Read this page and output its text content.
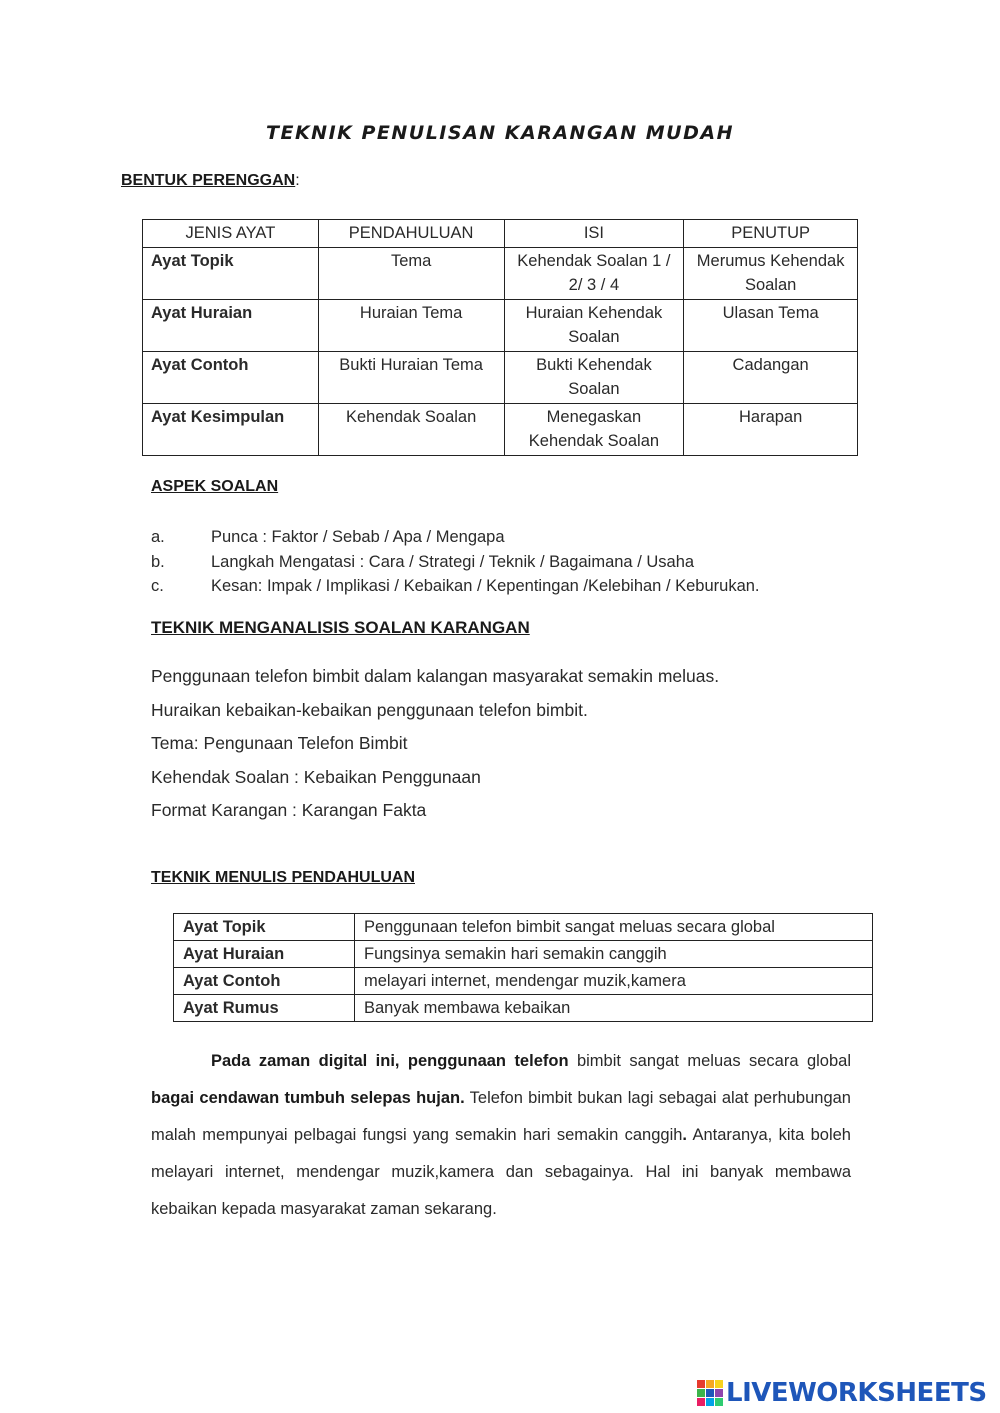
TEKNIK PENULISAN KARANGAN MUDAH
BENTUK PERENGGAN:
JENIS AYAT	PENDAHULUAN	ISI	PENUTUP
Ayat Topik	Tema	Kehendak Soalan 1 / 2/ 3 / 4	Merumus Kehendak Soalan
Ayat Huraian	Huraian Tema	Huraian Kehendak Soalan	Ulasan Tema
Ayat Contoh	Bukti Huraian Tema	Bukti Kehendak Soalan	Cadangan
Ayat Kesimpulan	Kehendak Soalan	Menegaskan Kehendak Soalan	Harapan
ASPEK SOALAN
a.	Punca : Faktor / Sebab / Apa / Mengapa
b.	Langkah Mengatasi : Cara / Strategi / Teknik / Bagaimana / Usaha
c.	Kesan: Impak / Implikasi / Kebaikan / Kepentingan /Kelebihan / Keburukan.
TEKNIK MENGANALISIS SOALAN KARANGAN
Penggunaan telefon bimbit dalam kalangan masyarakat semakin meluas.
Huraikan kebaikan-kebaikan penggunaan telefon bimbit.
Tema: Pengunaan Telefon Bimbit
Kehendak Soalan : Kebaikan Penggunaan
Format Karangan : Karangan Fakta
TEKNIK MENULIS PENDAHULUAN
Ayat Topik	Penggunaan telefon bimbit sangat meluas secara global
Ayat Huraian	Fungsinya semakin hari semakin canggih
Ayat Contoh	melayari internet, mendengar muzik,kamera
Ayat Rumus	Banyak membawa kebaikan
Pada zaman digital ini, penggunaan telefon bimbit sangat meluas secara global bagai cendawan tumbuh selepas hujan. Telefon bimbit bukan lagi sebagai alat perhubungan malah mempunyai pelbagai fungsi yang semakin hari semakin canggih. Antaranya, kita boleh melayari internet, mendengar muzik,kamera dan sebagainya. Hal ini banyak membawa kebaikan kepada masyarakat zaman sekarang.
LIVEWORKSHEETS
